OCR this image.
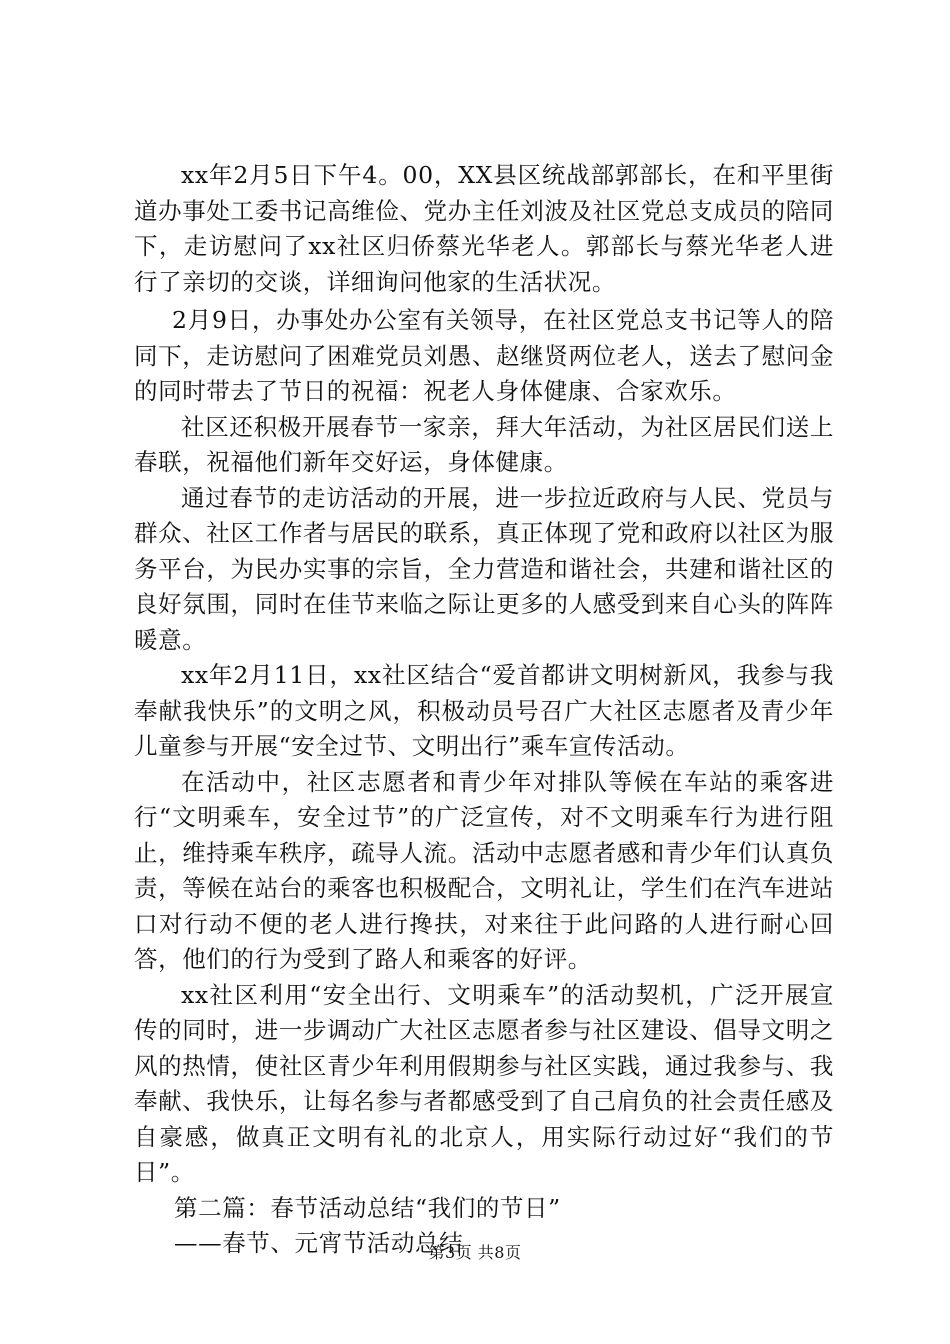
xx年2月5日下午4。00，XX县区统战部郭部长，在和平里街道办事处工委书记高维俭、党办主任刘波及社区党总支成员的陪同下，走访慰问了xx社区归侨蔡光华老人。郭部长与蔡光华老人进行了亲切的交谈，详细询问他家的生活状况。

2月9日，办事处办公室有关领导，在社区党总支书记等人的陪同下，走访慰问了困难党员刘愚、赵继贤两位老人，送去了慰问金的同时带去了节日的祝福：祝老人身体健康、合家欢乐。

社区还积极开展春节一家亲，拜大年活动，为社区居民们送上春联，祝福他们新年交好运，身体健康。

通过春节的走访活动的开展，进一步拉近政府与人民、党员与群众、社区工作者与居民的联系，真正体现了党和政府以社区为服务平台，为民办实事的宗旨，全力营造和谐社会，共建和谐社区的良好氛围，同时在佳节来临之际让更多的人感受到来自心头的阵阵暖意。

xx年2月11日，xx社区结合“爱首都讲文明树新风，我参与我奉献我快乐”的文明之风，积极动员号召广大社区志愿者及青少年儿童参与开展“安全过节、文明出行”乘车宣传活动。

在活动中，社区志愿者和青少年对排队等候在车站的乘客进行“文明乘车，安全过节”的广泛宣传，对不文明乘车行为进行阻止，维持乘车秩序，疏导人流。活动中志愿者感和青少年们认真负责，等候在站台的乘客也积极配合，文明礼让，学生们在汽车进站口对行动不便的老人进行搀扶，对来往于此问路的人进行耐心回答，他们的行为受到了路人和乘客的好评。

xx社区利用“安全出行、文明乘车”的活动契机，广泛开展宣传的同时，进一步调动广大社区志愿者参与社区建设、倡导文明之风的热情，使社区青少年利用假期参与社区实践，通过我参与、我奉献、我快乐，让每名参与者都感受到了自己肩负的社会责任感及自豪感，做真正文明有礼的北京人，用实际行动过好“我们的节日”。

第二篇：春节活动总结“我们的节日”

——春节、元宵节活动总结

第3页 共8页
